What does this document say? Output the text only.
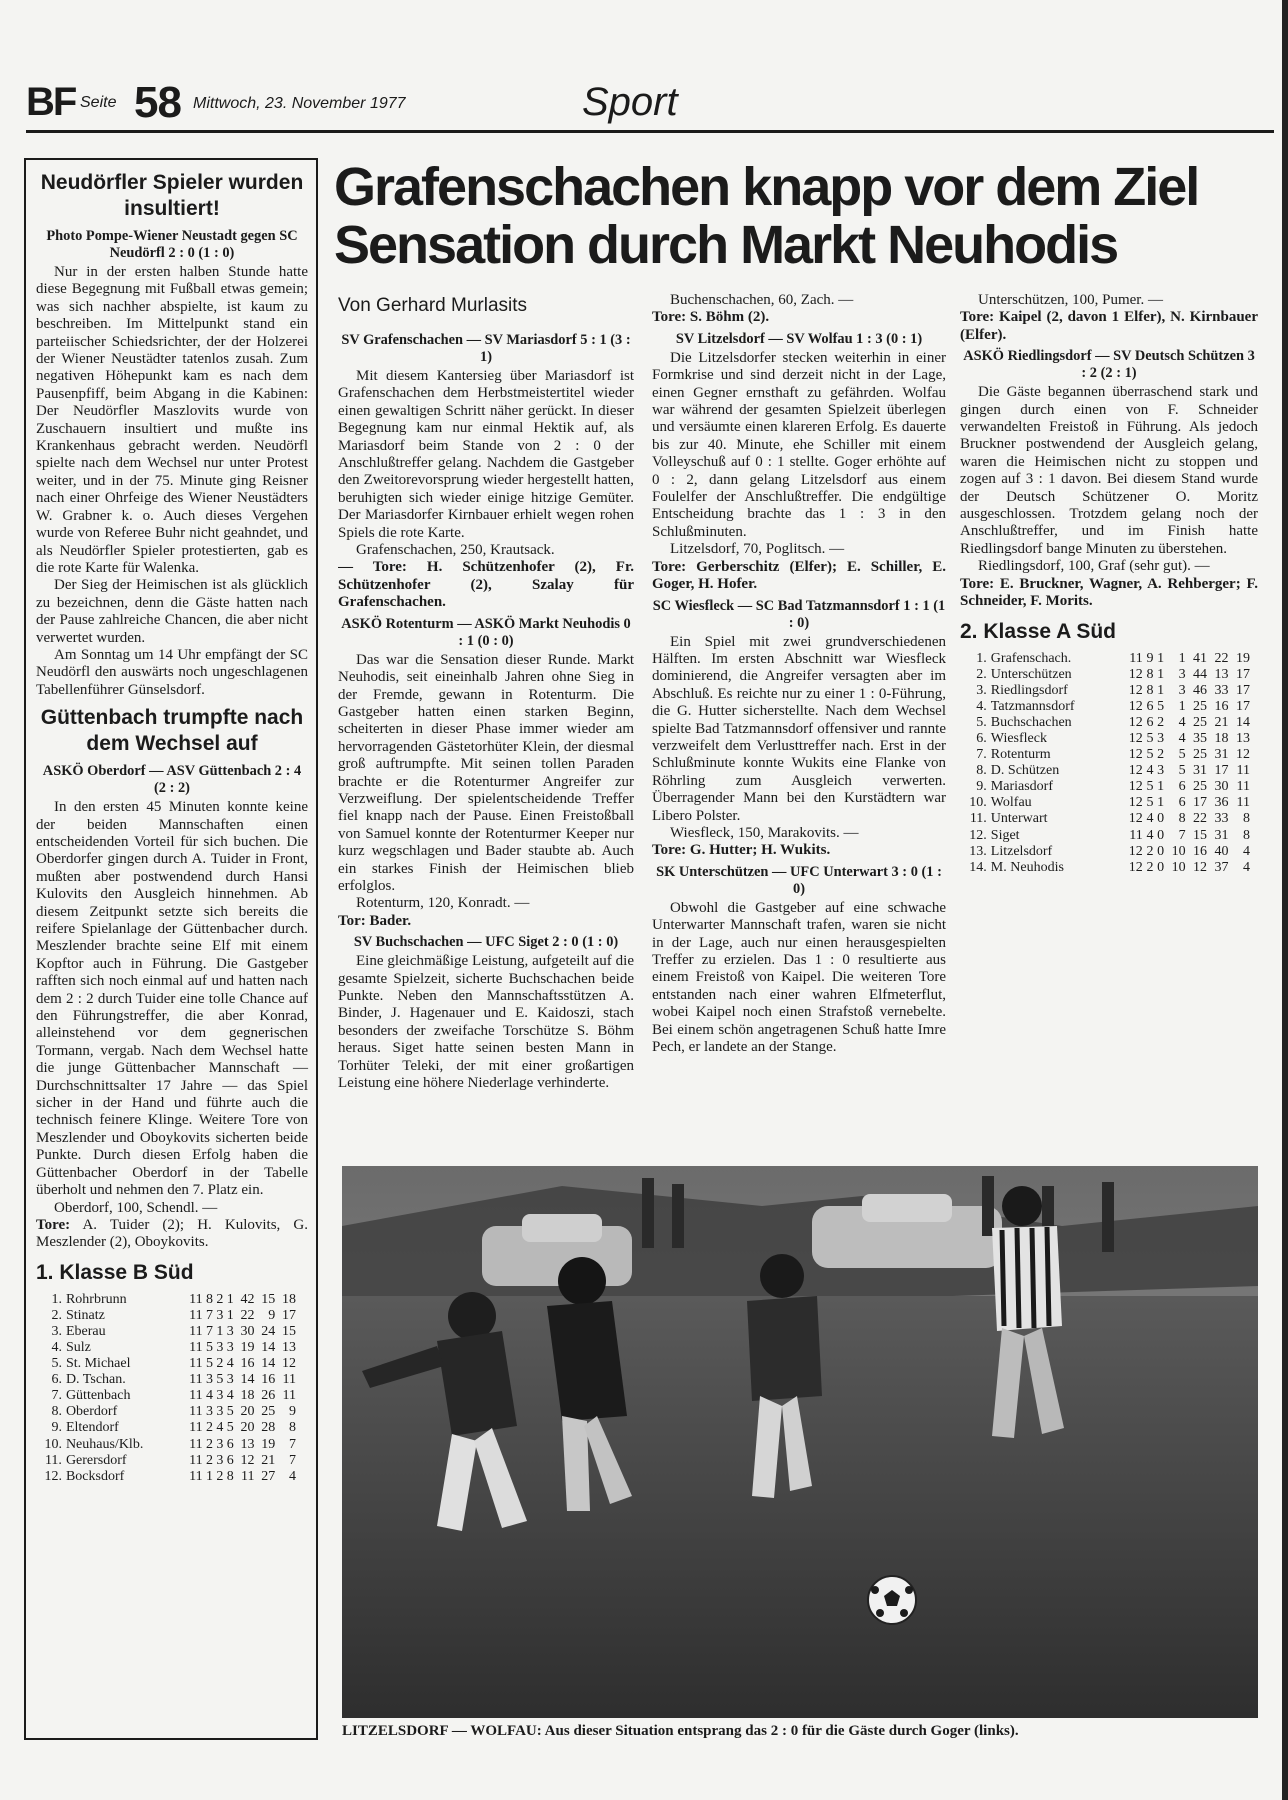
BF Seite 58 Mittwoch, 23. November 1977	Sport
Neudörfler Spieler wurden insultiert!
Photo Pompe-Wiener Neustadt gegen SC Neudörfl 2 : 0 (1 : 0)

Nur in der ersten halben Stunde hatte diese Begegnung mit Fußball etwas gemein; was sich nachher abspielte, ist kaum zu beschreiben. Im Mittelpunkt stand ein parteiischer Schiedsrichter, der der Holzerei der Wiener Neustädter tatenlos zusah. Zum negativen Höhepunkt kam es nach dem Pausenpfiff, beim Abgang in die Kabinen: Der Neudörfler Maszlovits wurde von Zuschauern insultiert und mußte ins Krankenhaus gebracht werden. Neudörfl spielte nach dem Wechsel nur unter Protest weiter, und in der 75. Minute ging Reisner nach einer Ohrfeige des Wiener Neustädters W. Grabner k. o. Auch dieses Vergehen wurde von Referee Buhr nicht geahndet, und als Neudörfler Spieler protestierten, gab es die rote Karte für Walenka.

Der Sieg der Heimischen ist als glücklich zu bezeichnen, denn die Gäste hatten nach der Pause zahlreiche Chancen, die aber nicht verwertet wurden.

Am Sonntag um 14 Uhr empfängt der SC Neudörfl den auswärts noch ungeschlagenen Tabellenführer Günselsdorf.

Güttenbach trumpfte nach dem Wechsel auf
ASKÖ Oberdorf — ASV Güttenbach 2 : 4 (2 : 2)

In den ersten 45 Minuten konnte keine der beiden Mannschaften einen entscheidenden Vorteil für sich buchen. Die Oberdorfer gingen durch A. Tuider in Front, mußten aber postwendend durch Hansi Kulovits den Ausgleich hinnehmen. Ab diesem Zeitpunkt setzte sich bereits die reifere Spielanlage der Güttenbacher durch. Meszlender brachte seine Elf mit einem Kopftor auch in Führung. Die Gastgeber rafften sich noch einmal auf und hatten nach dem 2 : 2 durch Tuider eine tolle Chance auf den Führungstreffer, die aber Konrad, alleinstehend vor dem gegnerischen Tormann, vergab. Nach dem Wechsel hatte die junge Güttenbacher Mannschaft — Durchschnittsalter 17 Jahre — das Spiel sicher in der Hand und führte auch die technisch feinere Klinge. Weitere Tore von Meszlender und Oboykovits sicherten beide Punkte. Durch diesen Erfolg haben die Güttenbacher Oberdorf in der Tabelle überholt und nehmen den 7. Platz ein.

Oberdorf, 100, Schendl. —

Tore: A. Tuider (2); H. Kulovits, G. Meszlender (2), Oboykovits.

1. Klasse B Süd
1.	Rohrbrunn	11	8	2	1	42	15	18
2.	Stinatz	11	7	3	1	22	9	17
3.	Eberau	11	7	1	3	30	24	15
4.	Sulz	11	5	3	3	19	14	13
5.	St. Michael	11	5	2	4	16	14	12
6.	D. Tschan.	11	3	5	3	14	16	11
7.	Güttenbach	11	4	3	4	18	26	11
8.	Oberdorf	11	3	3	5	20	25	9
9.	Eltendorf	11	2	4	5	20	28	8
10.	Neuhaus/Klb.	11	2	3	6	13	19	7
11.	Gerersdorf	11	2	3	6	12	21	7
12.	Bocksdorf	11	1	2	8	11	27	4
Grafenschachen knapp vor dem Ziel
Sensation durch Markt Neuhodis
Von Gerhard Murlasits
SV Grafenschachen — SV Mariasdorf 5 : 1 (3 : 1)

Mit diesem Kantersieg über Mariasdorf ist Grafenschachen dem Herbstmeistertitel wieder einen gewaltigen Schritt näher gerückt. In dieser Begegnung kam nur einmal Hektik auf, als Mariasdorf beim Stande von 2 : 0 der Anschlußtreffer gelang. Nachdem die Gastgeber den Zweitorevorsprung wieder hergestellt hatten, beruhigten sich wieder einige hitzige Gemüter. Der Mariasdorfer Kirnbauer erhielt wegen rohen Spiels die rote Karte.

Grafenschachen, 250, Krautsack.

— Tore: H. Schützenhofer (2), Fr. Schützenhofer (2), Szalay für Grafenschachen.

ASKÖ Rotenturm — ASKÖ Markt Neuhodis 0 : 1 (0 : 0)

Das war die Sensation dieser Runde. Markt Neuhodis, seit eineinhalb Jahren ohne Sieg in der Fremde, gewann in Rotenturm. Die Gastgeber hatten einen starken Beginn, scheiterten in dieser Phase immer wieder am hervorragenden Gästetorhüter Klein, der diesmal groß auftrumpfte. Mit seinen tollen Paraden brachte er die Rotenturmer Angreifer zur Verzweiflung. Der spielentscheidende Treffer fiel knapp nach der Pause. Einen Freistoßball von Samuel konnte der Rotenturmer Keeper nur kurz wegschlagen und Bader staubte ab. Auch ein starkes Finish der Heimischen blieb erfolglos.

Rotenturm, 120, Konradt. —

Tor: Bader.

SV Buchschachen — UFC Siget 2 : 0 (1 : 0)

Eine gleichmäßige Leistung, aufgeteilt auf die gesamte Spielzeit, sicherte Buchschachen beide Punkte. Neben den Mannschaftsstützen A. Binder, J. Hagenauer und E. Kaidoszi, stach besonders der zweifache Torschütze S. Böhm heraus. Siget hatte seinen besten Mann in Torhüter Teleki, der mit einer großartigen Leistung eine höhere Niederlage verhinderte.

Buchenschachen, 60, Zach. —

Tore: S. Böhm (2).

SV Litzelsdorf — SV Wolfau 1 : 3 (0 : 1)

Die Litzelsdorfer stecken weiterhin in einer Formkrise und sind derzeit nicht in der Lage, einen Gegner ernsthaft zu gefährden. Wolfau war während der gesamten Spielzeit überlegen und versäumte einen klareren Erfolg. Es dauerte bis zur 40. Minute, ehe Schiller mit einem Volleyschuß auf 0 : 1 stellte. Goger erhöhte auf 0 : 2, dann gelang Litzelsdorf aus einem Foulelfer der Anschlußtreffer. Die endgültige Entscheidung brachte das 1 : 3 in den Schlußminuten.

Litzelsdorf, 70, Poglitsch. —

Tore: Gerberschitz (Elfer); E. Schiller, E. Goger, H. Hofer.

SC Wiesfleck — SC Bad Tatzmannsdorf 1 : 1 (1 : 0)

Ein Spiel mit zwei grundverschiedenen Hälften. Im ersten Abschnitt war Wiesfleck dominierend, die Angreifer versagten aber im Abschluß. Es reichte nur zu einer 1 : 0-Führung, die G. Hutter sicherstellte. Nach dem Wechsel spielte Bad Tatzmannsdorf offensiver und rannte verzweifelt dem Verlusttreffer nach. Erst in der Schlußminute konnte Wukits eine Flanke von Röhrling zum Ausgleich verwerten. Überragender Mann bei den Kurstädtern war Libero Polster.

Wiesfleck, 150, Marakovits. —

Tore: G. Hutter; H. Wukits.

SK Unterschützen — UFC Unterwart 3 : 0 (1 : 0)

Obwohl die Gastgeber auf eine schwache Unterwarter Mannschaft trafen, waren sie nicht in der Lage, auch nur einen herausgespielten Treffer zu erzielen. Das 1 : 0 resultierte aus einem Freistoß von Kaipel. Die weiteren Tore entstanden nach einer wahren Elfmeterflut, wobei Kaipel noch einen Strafstoß vernebelte. Bei einem schön angetragenen Schuß hatte Imre Pech, er landete an der Stange.

Unterschützen, 100, Pumer. —

Tore: Kaipel (2, davon 1 Elfer), N. Kirnbauer (Elfer).

ASKÖ Riedlingsdorf — SV Deutsch Schützen 3 : 2 (2 : 1)

Die Gäste begannen überraschend stark und gingen durch einen von F. Schneider verwandelten Freistoß in Führung. Als jedoch Bruckner postwendend der Ausgleich gelang, waren die Heimischen nicht zu stoppen und zogen auf 3 : 1 davon. Bei diesem Stand wurde der Deutsch Schützener O. Moritz ausgeschlossen. Trotzdem gelang noch der Anschlußtreffer, und im Finish hatte Riedlingsdorf bange Minuten zu überstehen.

Riedlingsdorf, 100, Graf (sehr gut). —

Tore: E. Bruckner, Wagner, A. Rehberger; F. Schneider, F. Morits.

2. Klasse A Süd
1.	Grafenschach.	11	9	1	1	41	22	19
2.	Unterschützen	12	8	1	3	44	13	17
3.	Riedlingsdorf	12	8	1	3	46	33	17
4.	Tatzmannsdorf	12	6	5	1	25	16	17
5.	Buchschachen	12	6	2	4	25	21	14
6.	Wiesfleck	12	5	3	4	35	18	13
7.	Rotenturm	12	5	2	5	25	31	12
8.	D. Schützen	12	4	3	5	31	17	11
9.	Mariasdorf	12	5	1	6	25	30	11
10.	Wolfau	12	5	1	6	17	36	11
11.	Unterwart	12	4	0	8	22	33	8
12.	Siget	11	4	0	7	15	31	8
13.	Litzelsdorf	12	2	0	10	16	40	4
14.	M. Neuhodis	12	2	0	10	12	37	4
LITZELSDORF — WOLFAU: Aus dieser Situation entsprang das 2 : 0 für die Gäste durch Goger (links).
